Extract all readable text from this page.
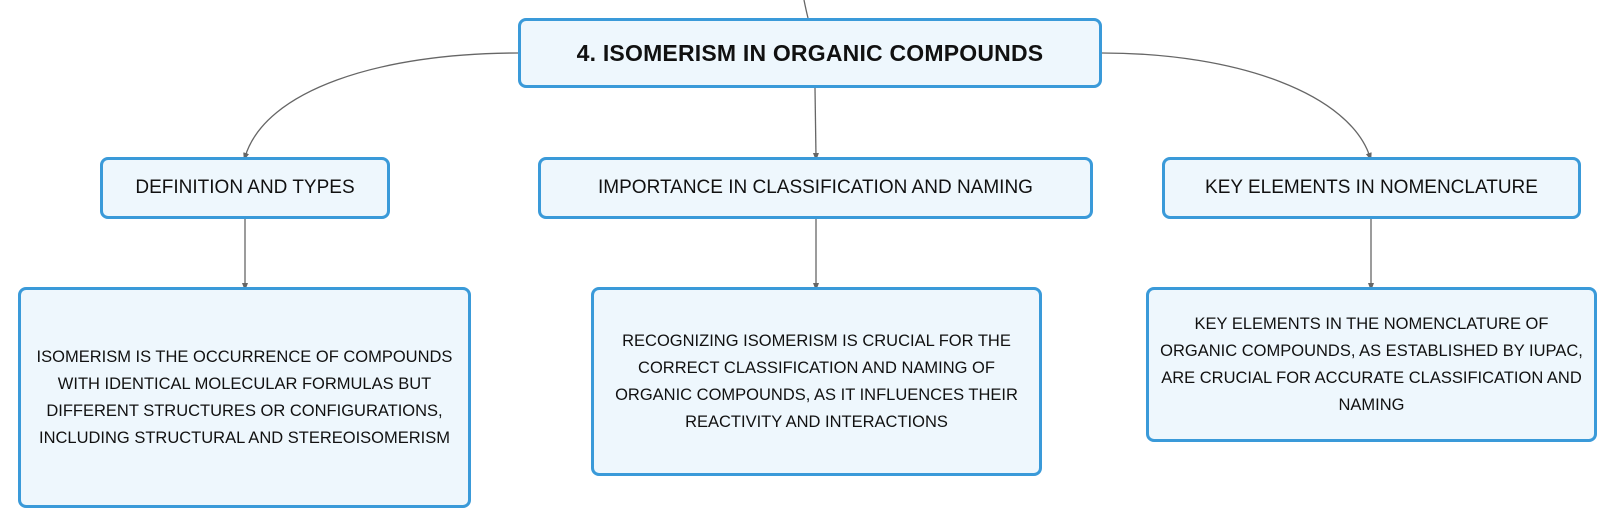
4. ISOMERISM IN ORGANIC COMPOUNDS
DEFINITION AND TYPES	IMPORTANCE IN CLASSIFICATION AND NAMING	KEY ELEMENTS IN NOMENCLATURE
ISOMERISM IS THE OCCURRENCE OF COMPOUNDS WITH IDENTICAL MOLECULAR FORMULAS BUT DIFFERENT STRUCTURES OR CONFIGURATIONS, INCLUDING STRUCTURAL AND STEREOISOMERISM
RECOGNIZING ISOMERISM IS CRUCIAL FOR THE CORRECT CLASSIFICATION AND NAMING OF ORGANIC COMPOUNDS, AS IT INFLUENCES THEIR REACTIVITY AND INTERACTIONS
KEY ELEMENTS IN THE NOMENCLATURE OF ORGANIC COMPOUNDS, AS ESTABLISHED BY IUPAC, ARE CRUCIAL FOR ACCURATE CLASSIFICATION AND NAMING
